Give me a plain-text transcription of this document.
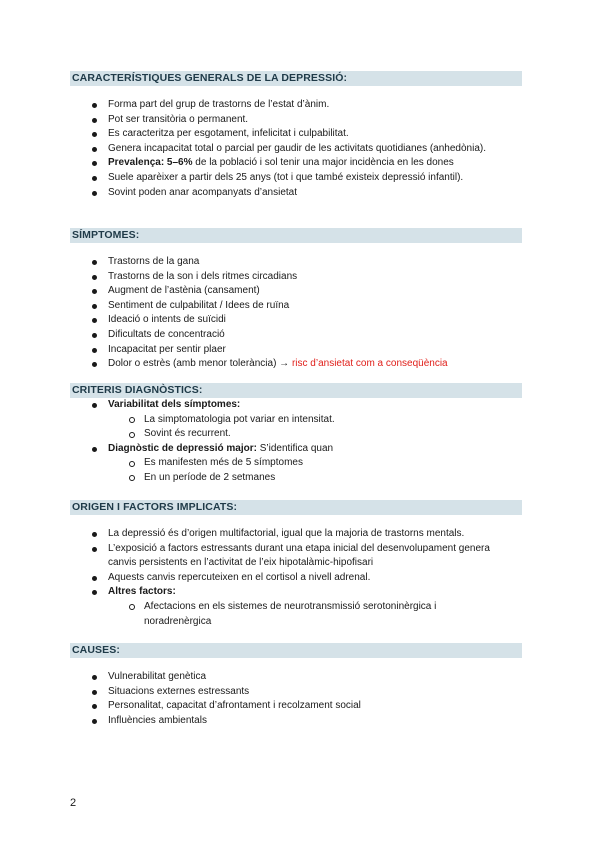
CARACTERÍSTIQUES GENERALS DE LA DEPRESSIÓ:
Forma part del grup de trastorns de l’estat d’ànim.
Pot ser transitòria o permanent.
Es caracteritza per esgotament, infelicitat i culpabilitat.
Genera incapacitat total o parcial per gaudir de les activitats quotidianes (anhedònia).
Prevalença: 5–6% de la població i sol tenir una major incidència en les dones
Suele aparèixer a partir dels 25 anys (tot i que també existeix depressió infantil).
Sovint poden anar acompanyats d’ansietat
SÍMPTOMES:
Trastorns de la gana
Trastorns de la son i dels ritmes circadians
Augment de l’astènia (cansament)
Sentiment de culpabilitat / Idees de ruïna
Ideació o intents de suïcidi
Dificultats de concentració
Incapacitat per sentir plaer
Dolor o estrès (amb menor tolerància) → risc d’ansietat com a conseqüència
CRITERIS DIAGNÒSTICS:
Variabilitat dels símptomes:
La simptomatologia pot variar en intensitat.
Sovint és recurrent.
Diagnòstic de depressió major: S’identifica quan
Es manifesten més de 5 símptomes
En un període de 2 setmanes
ORIGEN I FACTORS IMPLICATS:
La depressió és d’origen multifactorial, igual que la majoria de trastorns mentals.
L’exposició a factors estressants durant una etapa inicial del desenvolupament genera canvis persistents en l’activitat de l’eix hipotalàmic-hipofisari
Aquests canvis repercuteixen en el cortisol a nivell adrenal.
Altres factors:
Afectacions en els sistemes de neurotransmissió serotoninèrgica i noradrenèrgica
CAUSES:
Vulnerabilitat genètica
Situacions externes estressants
Personalitat, capacitat d’afrontament i recolzament social
Influències ambientals
2
